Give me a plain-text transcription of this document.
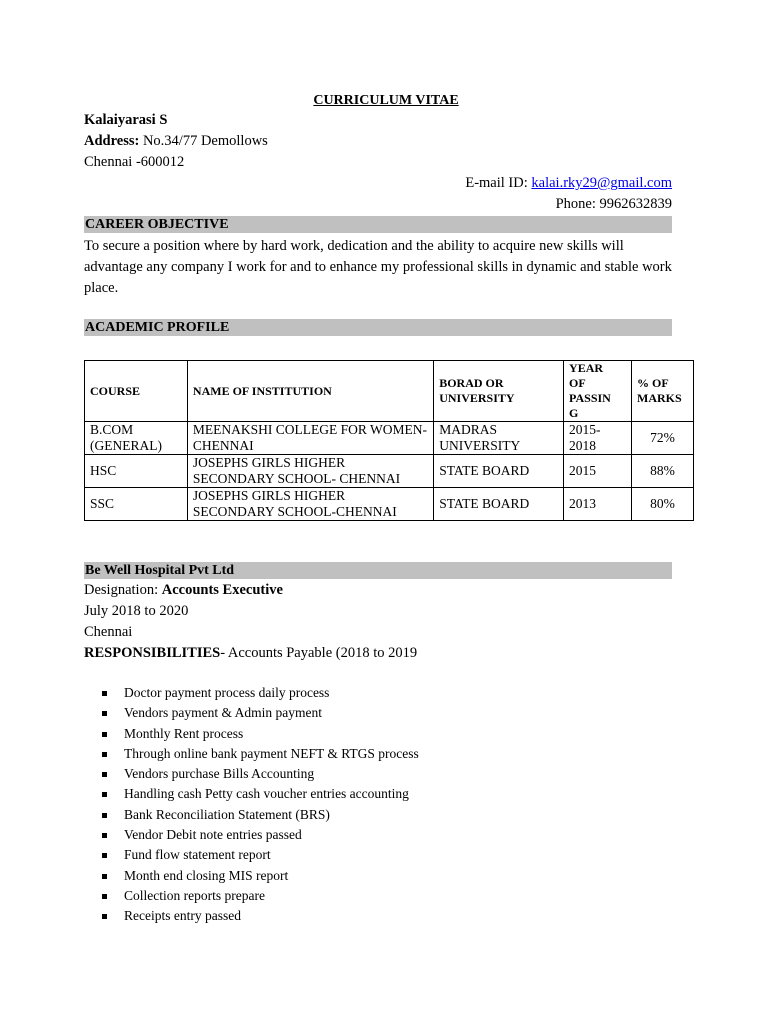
CURRICULUM VITAE
Kalaiyarasi S
Address: No.34/77 Demollows
Chennai -600012
E-mail ID: kalai.rky29@gmail.com
Phone: 9962632839
CAREER OBJECTIVE
To secure a position where by hard work, dedication and the ability to acquire new skills will advantage any company I work for and to enhance my professional skills in dynamic and stable work place.
ACADEMIC PROFILE
COURSE	NAME OF INSTITUTION	BORAD OR UNIVERSITY	YEAR OF PASSIN G	% OF MARKS
B.COM (GENERAL)	MEENAKSHI COLLEGE FOR WOMEN-CHENNAI	MADRAS UNIVERSITY	2015-2018	72%
HSC	JOSEPHS GIRLS HIGHER SECONDARY SCHOOL- CHENNAI	STATE BOARD	2015	88%
SSC	JOSEPHS GIRLS HIGHER SECONDARY SCHOOL-CHENNAI	STATE BOARD	2013	80%
Be Well Hospital Pvt Ltd
Designation: Accounts Executive
July 2018 to 2020
Chennai
RESPONSIBILITIES- Accounts Payable (2018 to 2019
Doctor payment process daily process
Vendors payment & Admin payment
Monthly Rent process
Through online bank payment NEFT & RTGS process
Vendors purchase Bills Accounting
Handling cash Petty cash voucher entries accounting
Bank Reconciliation Statement (BRS)
Vendor Debit note entries passed
Fund flow statement report
Month end closing MIS report
Collection reports prepare
Receipts entry passed
